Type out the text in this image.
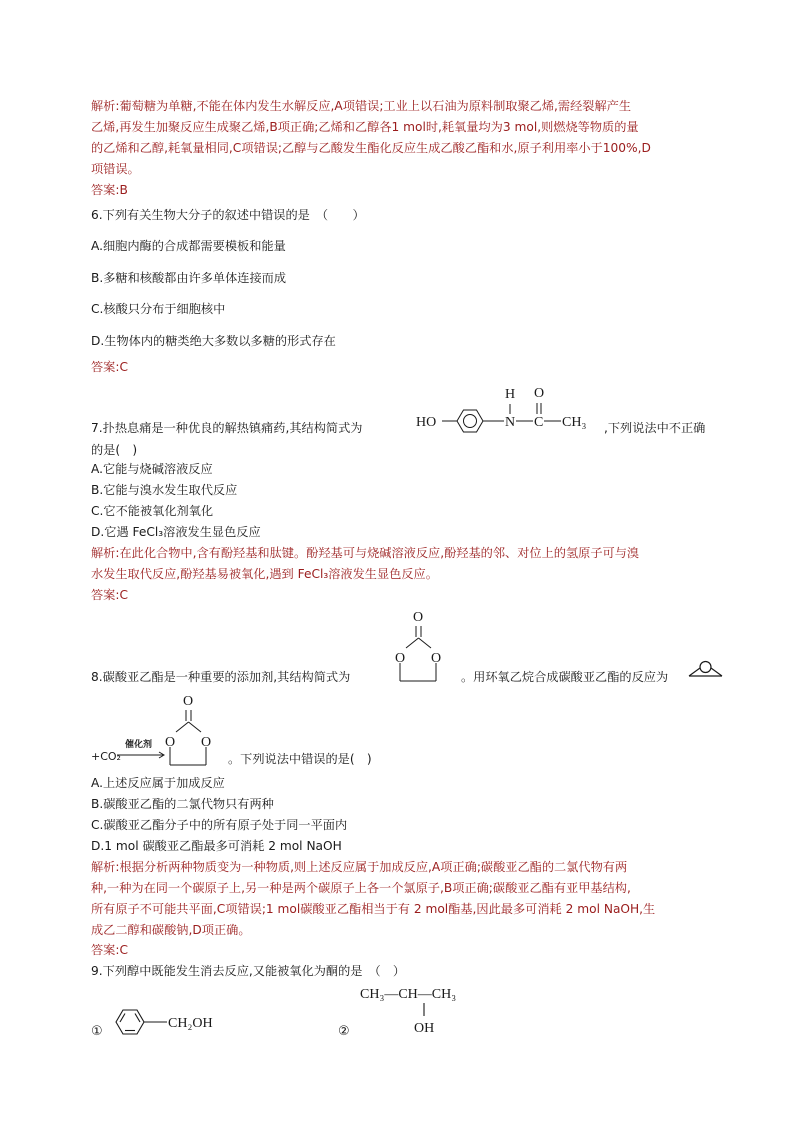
解析:葡萄糖为单糖,不能在体内发生水解反应,A项错误;工业上以石油为原料制取聚乙烯,需经裂解产生
乙烯,再发生加聚反应生成聚乙烯,B项正确;乙烯和乙醇各1 mol时,耗氧量均为3 mol,则燃烧等物质的量
的乙烯和乙醇,耗氧量相同,C项错误;乙醇与乙酸发生酯化反应生成乙酸乙酯和水,原子利用率小于100%,D
项错误。
答案:B
6.下列有关生物大分子的叙述中错误的是　（　　）
A.细胞内酶的合成都需要模板和能量
B.多糖和核酸都由许多单体连接而成
C.核酸只分布于细胞核中
D.生物体内的糖类绝大多数以多糖的形式存在
答案:C
7.扑热息痛是一种优良的解热镇痛药,其结构简式为	HO	N
H
C
O
CH₃ ,下列说法中不正确
的是(　)
A.它能与烧碱溶液反应
B.它能与溴水发生取代反应
C.它不能被氧化剂氧化
D.它遇 FeCl₃溶液发生显色反应
解析:在此化合物中,含有酚羟基和肽键。酚羟基可与烧碱溶液反应,酚羟基的邻、对位上的氢原子可与溴
水发生取代反应,酚羟基易被氧化,遇到 FeCl₃溶液发生显色反应。
答案:C
8.碳酸亚乙酯是一种重要的添加剂,其结构简式为
O
O O
。用环氧乙烷合成碳酸亚乙酯的反应为
+CO₂
催化剂
O
O O
。下列说法中错误的是(　)
A.上述反应属于加成反应
B.碳酸亚乙酯的二氯代物只有两种
C.碳酸亚乙酯分子中的所有原子处于同一平面内
D.1 mol 碳酸亚乙酯最多可消耗 2 mol NaOH
解析:根据分析两种物质变为一种物质,则上述反应属于加成反应,A项正确;碳酸亚乙酯的二氯代物有两
种,一种为在同一个碳原子上,另一种是两个碳原子上各一个氯原子,B项正确;碳酸亚乙酯有亚甲基结构,
所有原子不可能共平面,C项错误;1 mol碳酸亚乙酯相当于有 2 mol酯基,因此最多可消耗 2 mol NaOH,生
成乙二醇和碳酸钠,D项正确。
答案:C
9.下列醇中既能发生消去反应,又能被氧化为酮的是　（　）
①
CH₂OH
②
CH₃—CH—CH₃
OH
